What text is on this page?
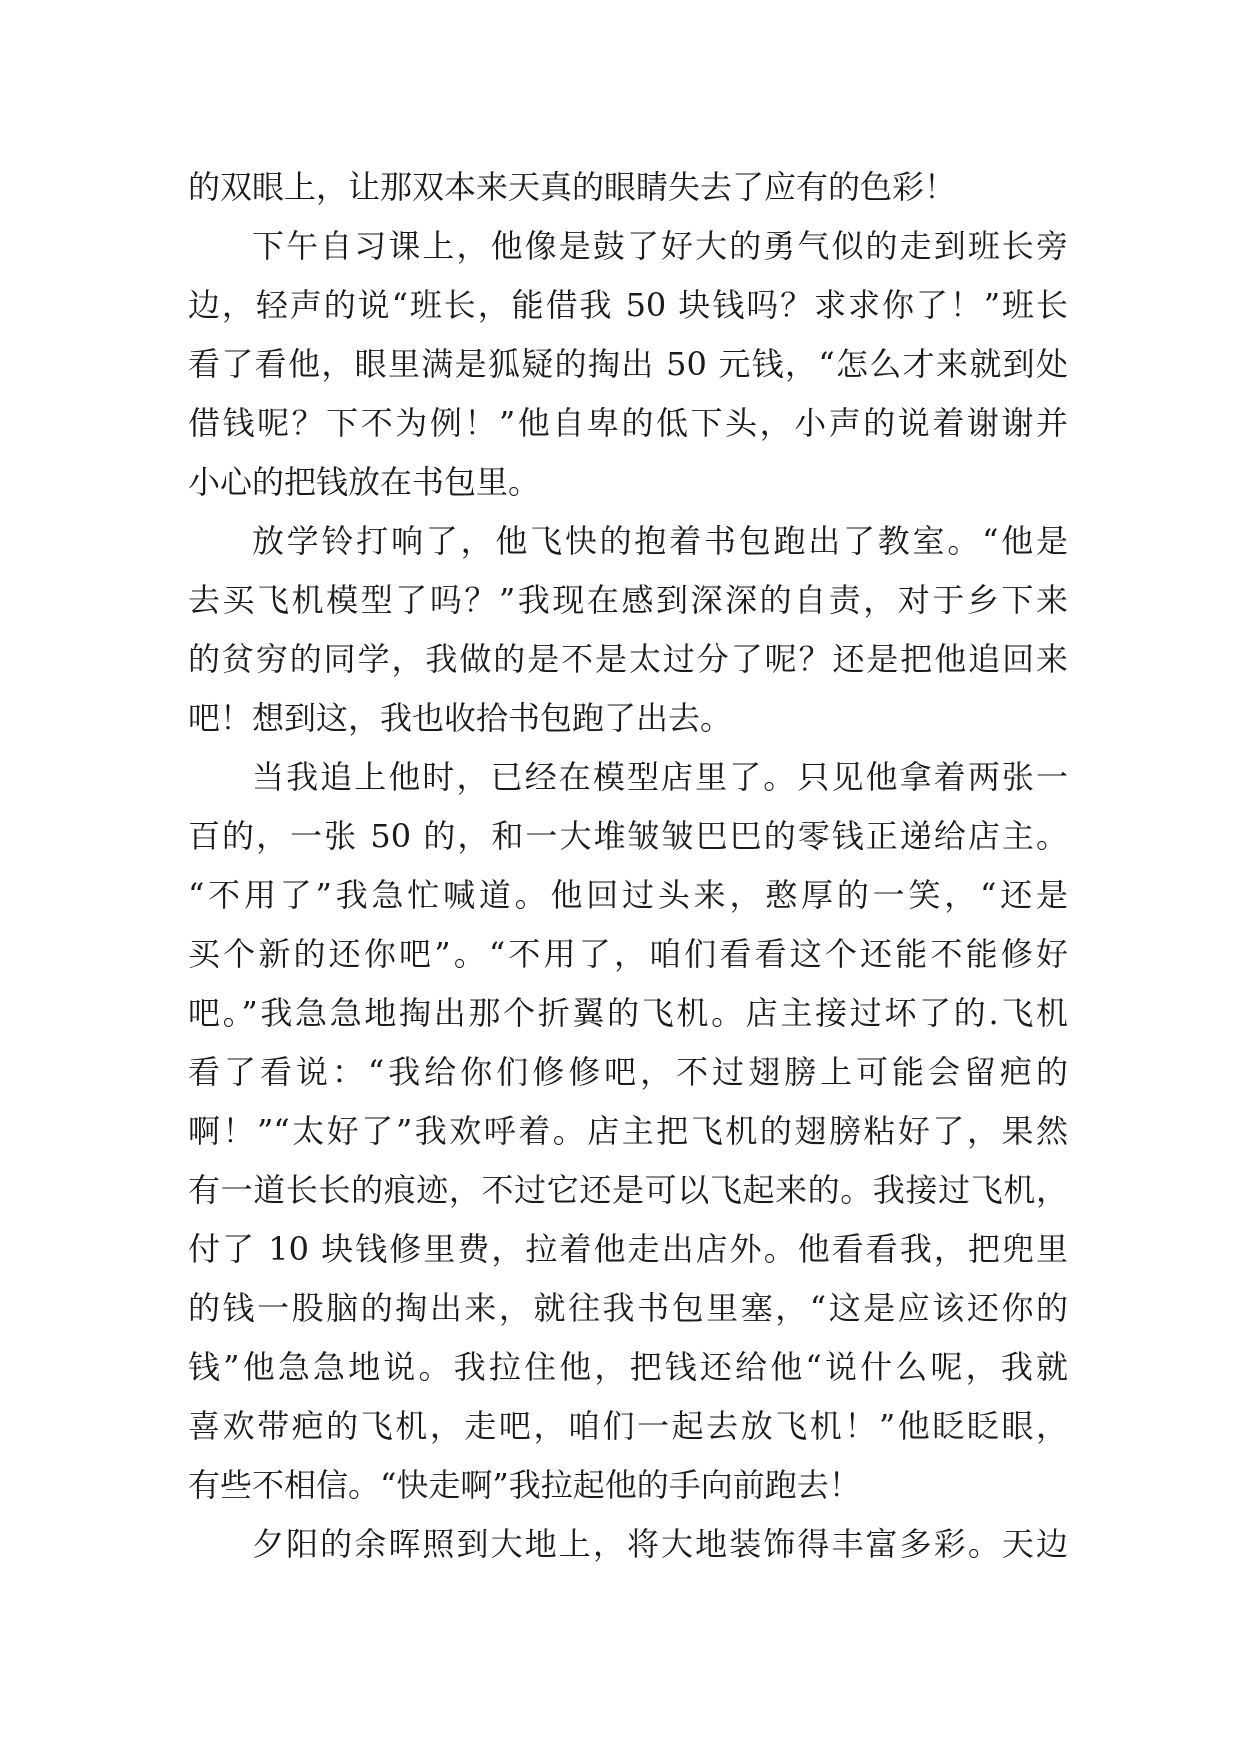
的双眼上，让那双本来天真的眼睛失去了应有的色彩！
下午自习课上，他像是鼓了好大的勇气似的走到班长旁
边，轻声的说“班长，能借我 50 块钱吗？求求你了！”班长
看了看他，眼里满是狐疑的掏出 50 元钱，“怎么才来就到处
借钱呢？下不为例！”他自卑的低下头，小声的说着谢谢并
小心的把钱放在书包里。
放学铃打响了，他飞快的抱着书包跑出了教室。“他是
去买飞机模型了吗？”我现在感到深深的自责，对于乡下来
的贫穷的同学，我做的是不是太过分了呢？还是把他追回来
吧！想到这，我也收拾书包跑了出去。
当我追上他时，已经在模型店里了。只见他拿着两张一
百的，一张 50 的，和一大堆皱皱巴巴的零钱正递给店主。
“不用了”我急忙喊道。他回过头来，憨厚的一笑，“还是
买个新的还你吧”。“不用了，咱们看看这个还能不能修好
吧。”我急急地掏出那个折翼的飞机。店主接过坏了的.飞机
看了看说：“我给你们修修吧，不过翅膀上可能会留疤的
啊！”“太好了”我欢呼着。店主把飞机的翅膀粘好了，果然
有一道长长的痕迹，不过它还是可以飞起来的。我接过飞机，
付了 10 块钱修里费，拉着他走出店外。他看看我，把兜里
的钱一股脑的掏出来，就往我书包里塞，“这是应该还你的
钱”他急急地说。我拉住他，把钱还给他“说什么呢，我就
喜欢带疤的飞机，走吧，咱们一起去放飞机！”他眨眨眼，
有些不相信。“快走啊”我拉起他的手向前跑去！
夕阳的余晖照到大地上，将大地装饰得丰富多彩。天边
